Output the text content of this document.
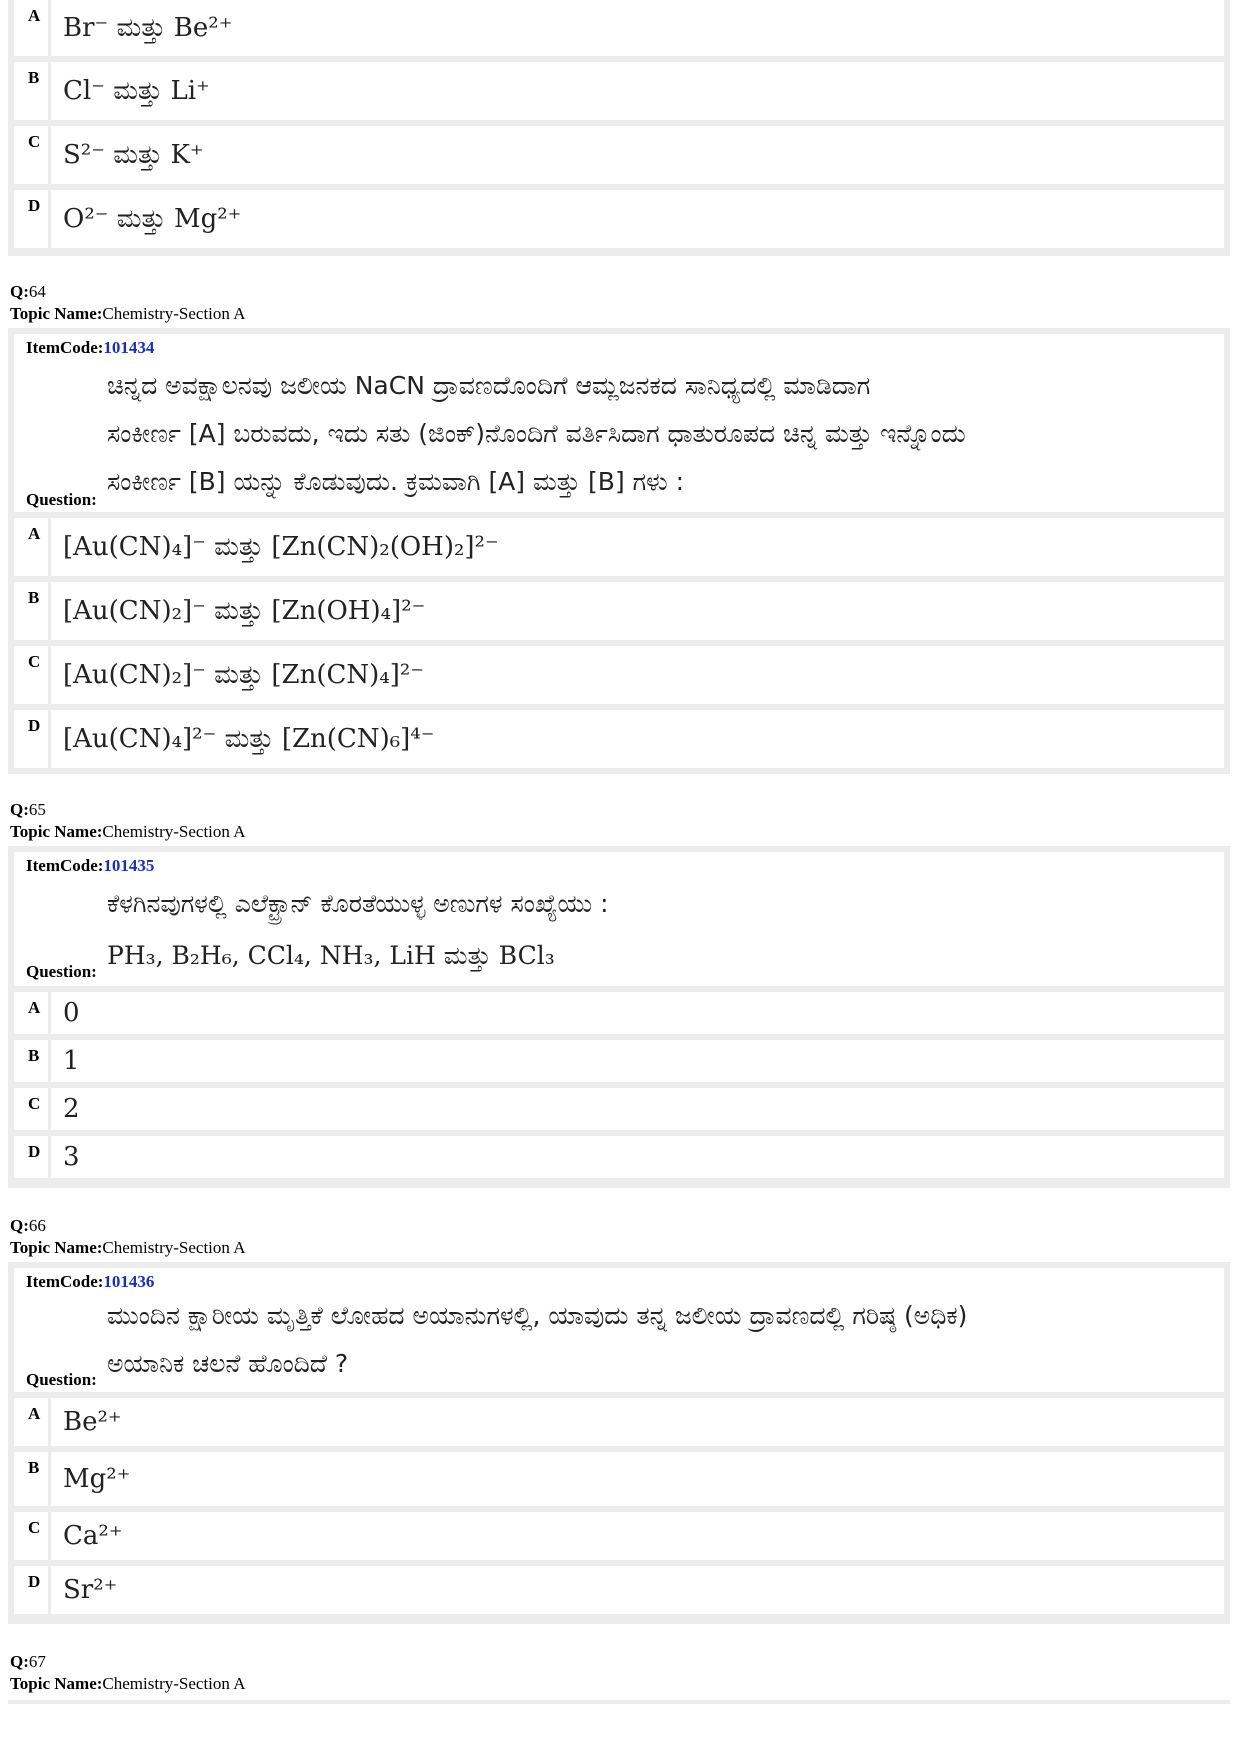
A Br⁻ ಮತ್ತು Be²⁺
B Cl⁻ ಮತ್ತು Li⁺
C S²⁻ ಮತ್ತು K⁺
D O²⁻ ಮತ್ತು Mg²⁺
Q:64
Topic Name:Chemistry-Section A
ItemCode:101434
ಚಿನ್ನದ ಅವಕ್ಷಾಲನವು ಜಲೀಯ NaCN ದ್ರಾವಣದೊಂದಿಗೆ ಆಮ್ಲಜನಕದ ಸಾನಿಧ್ಯದಲ್ಲಿ ಮಾಡಿದಾಗ
ಸಂಕೀರ್ಣ [A] ಬರುವದು, ಇದು ಸತು (ಜಿಂಕ್)ನೊಂದಿಗೆ ವರ್ತಿಸಿದಾಗ ಧಾತುರೂಪದ ಚಿನ್ನ ಮತ್ತು ಇನ್ನೊಂದು
ಸಂಕೀರ್ಣ [B] ಯನ್ನು ಕೊಡುವುದು. ಕ್ರಮವಾಗಿ [A] ಮತ್ತು [B] ಗಳು :
Question:
A [Au(CN)₄]⁻ ಮತ್ತು [Zn(CN)₂(OH)₂]²⁻
B [Au(CN)₂]⁻ ಮತ್ತು [Zn(OH)₄]²⁻
C [Au(CN)₂]⁻ ಮತ್ತು [Zn(CN)₄]²⁻
D [Au(CN)₄]²⁻ ಮತ್ತು [Zn(CN)₆]⁴⁻
Q:65
Topic Name:Chemistry-Section A
ItemCode:101435
ಕೆಳಗಿನವುಗಳಲ್ಲಿ ಎಲೆಕ್ಟ್ರಾನ್ ಕೊರತೆಯುಳ್ಳ ಅಣುಗಳ ಸಂಖ್ಯೆಯು :
PH₃, B₂H₆, CCl₄, NH₃, LiH ಮತ್ತು BCl₃
Question:
A 0
B 1
C 2
D 3
Q:66
Topic Name:Chemistry-Section A
ItemCode:101436
ಮುಂದಿನ ಕ್ಷಾರೀಯ ಮೃತ್ತಿಕೆ ಲೋಹದ ಅಯಾನುಗಳಲ್ಲಿ, ಯಾವುದು ತನ್ನ ಜಲೀಯ ದ್ರಾವಣದಲ್ಲಿ ಗರಿಷ್ಠ (ಅಧಿಕ)
ಅಯಾನಿಕ ಚಲನೆ ಹೊಂದಿದೆ ?
Question:
A Be²⁺
B Mg²⁺
C Ca²⁺
D Sr²⁺
Q:67
Topic Name:Chemistry-Section A
